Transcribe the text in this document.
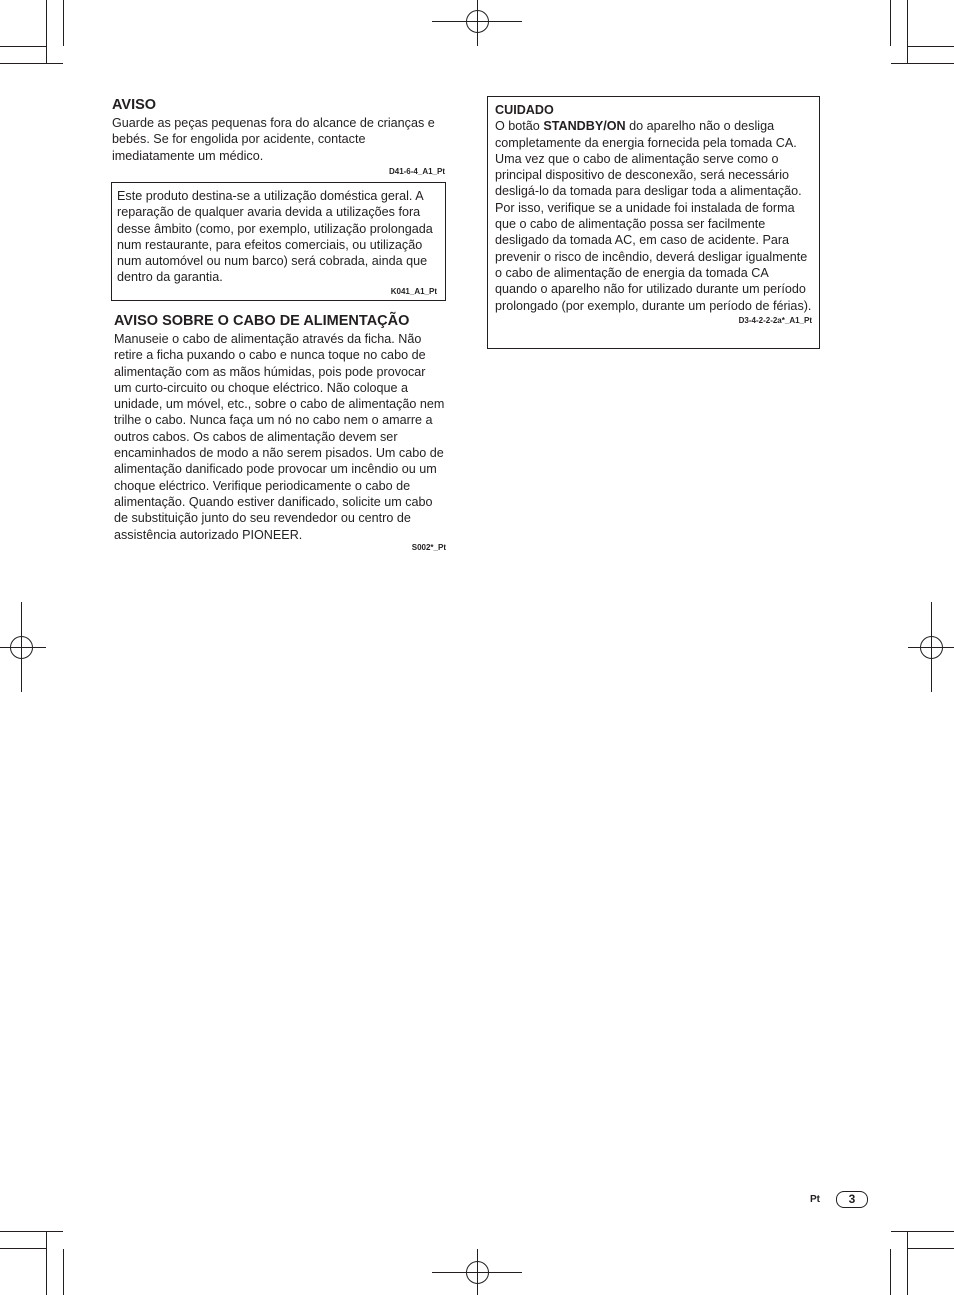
AVISO

Guarde as peças pequenas fora do alcance de crianças e bebés. Se for engolida por acidente, contacte imediatamente um médico.

D41-6-4_A1_Pt

Este produto destina-se a utilização doméstica geral. A reparação de qualquer avaria devida a utilizações fora desse âmbito (como, por exemplo, utilização prolongada num restaurante, para efeitos comerciais, ou utilização num automóvel ou num barco) será cobrada, ainda que dentro da garantia.

K041_A1_Pt
AVISO SOBRE O CABO DE ALIMENTAÇÃO

Manuseie o cabo de alimentação através da ficha. Não retire a ficha puxando o cabo e nunca toque no cabo de alimentação com as mãos húmidas, pois pode provocar um curto-circuito ou choque eléctrico. Não coloque a unidade, um móvel, etc., sobre o cabo de alimentação nem trilhe o cabo. Nunca faça um nó no cabo nem o amarre a outros cabos. Os cabos de alimentação devem ser encaminhados de modo a não serem pisados. Um cabo de alimentação danificado pode provocar um incêndio ou um choque eléctrico. Verifique periodicamente o cabo de alimentação. Quando estiver danificado, solicite um cabo de substituição junto do seu revendedor ou centro de assistência autorizado PIONEER.

S002*_Pt
CUIDADO

O botão STANDBY/ON do aparelho não o desliga completamente da energia fornecida pela tomada CA. Uma vez que o cabo de alimentação serve como o principal dispositivo de desconexão, será necessário desligá-lo da tomada para desligar toda a alimentação. Por isso, verifique se a unidade foi instalada de forma que o cabo de alimentação possa ser facilmente desligado da tomada AC, em caso de acidente. Para prevenir o risco de incêndio, deverá desligar igualmente o cabo de alimentação de energia da tomada CA quando o aparelho não for utilizado durante um período prolongado (por exemplo, durante um período de férias).

D3-4-2-2-2a*_A1_Pt
Pt	3
